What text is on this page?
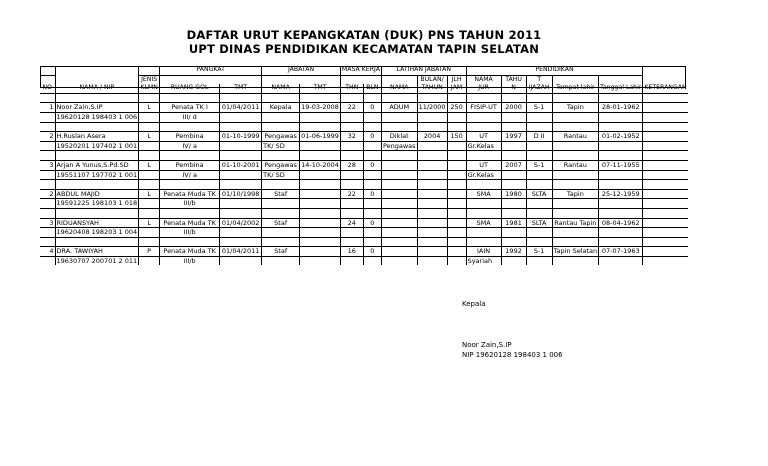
DAFTAR URUT KEPANGKATAN (DUK) PNS TAHUN 2011
UPT DINAS PENDIDIKAN KECAMATAN TAPIN SELATAN
			PANGKAT		JABATAN		MASA KERJA		LATIHAN JABATAN			PENDIDIKAN					
		JENIS								BULAN/	JLH	NAMA	TAHU	T			
NO	NAMA / NIP	KLMN	RUANG GOL	TMT	NAMA	TMT	THN	BLN	NAMA	TAHUN	JAM	JUR	N	IJAZAH	Tempat lahir	Tanggal Lahir	KETERANGAN

1	Noor Zain,S.IP	L	Penata TK I	01/04/2011	Kepala	19-03-2008	22	0	ADUM	11/2000	250	FISIP-UT	2000	S-1	Tapin	28-01-1962	
	19620128 198403 1 006		III/ d														

2	H.Ruslan Asera	L	Pembina	01-10-1999	Pengawas	01-06-1999	32	0	Diklat	2004	150	UT	1997	D II	Rantau	01-02-1952	
	19520201 197402 1 001		IV/ a		TK/ SD				Pengawas			Gr.Kelas					

3	Arjan A Yunus,S.Pd.SD	L	Pembina	01-10-2001	Pengawas	14-10-2004	28	0				UT	2007	S-1	Rantau	07-11-1955	
	19551107 197702 1 001		IV/ a		TK/ SD							Gr.Kelas					

2	ABDUL MAJID	L	Penata Muda TK	01/10/1998	Staf		22	0				SMA	1980	SLTA	Tapin	25-12-1959	
	19591225 198103 1 018		III/b														

3	RIDUANSYAH	L	Penata Muda TK	01/04/2002	Staf		24	0				SMA	1981	SLTA	Rantau Tapin	08-04-1962	
	19620408 198203 1 004		III/b														

4	DRA. TAWIYAH	P	Penata Muda TK	01/04/2011	Staf		16	0				IAIN	1992	S-1	Tapin Selatan	07-07-1963	
	19630707 200701 2 011		III/b									Syariah					
Kepala
Noor Zain,S.IP
NIP 19620128 198403 1 006
